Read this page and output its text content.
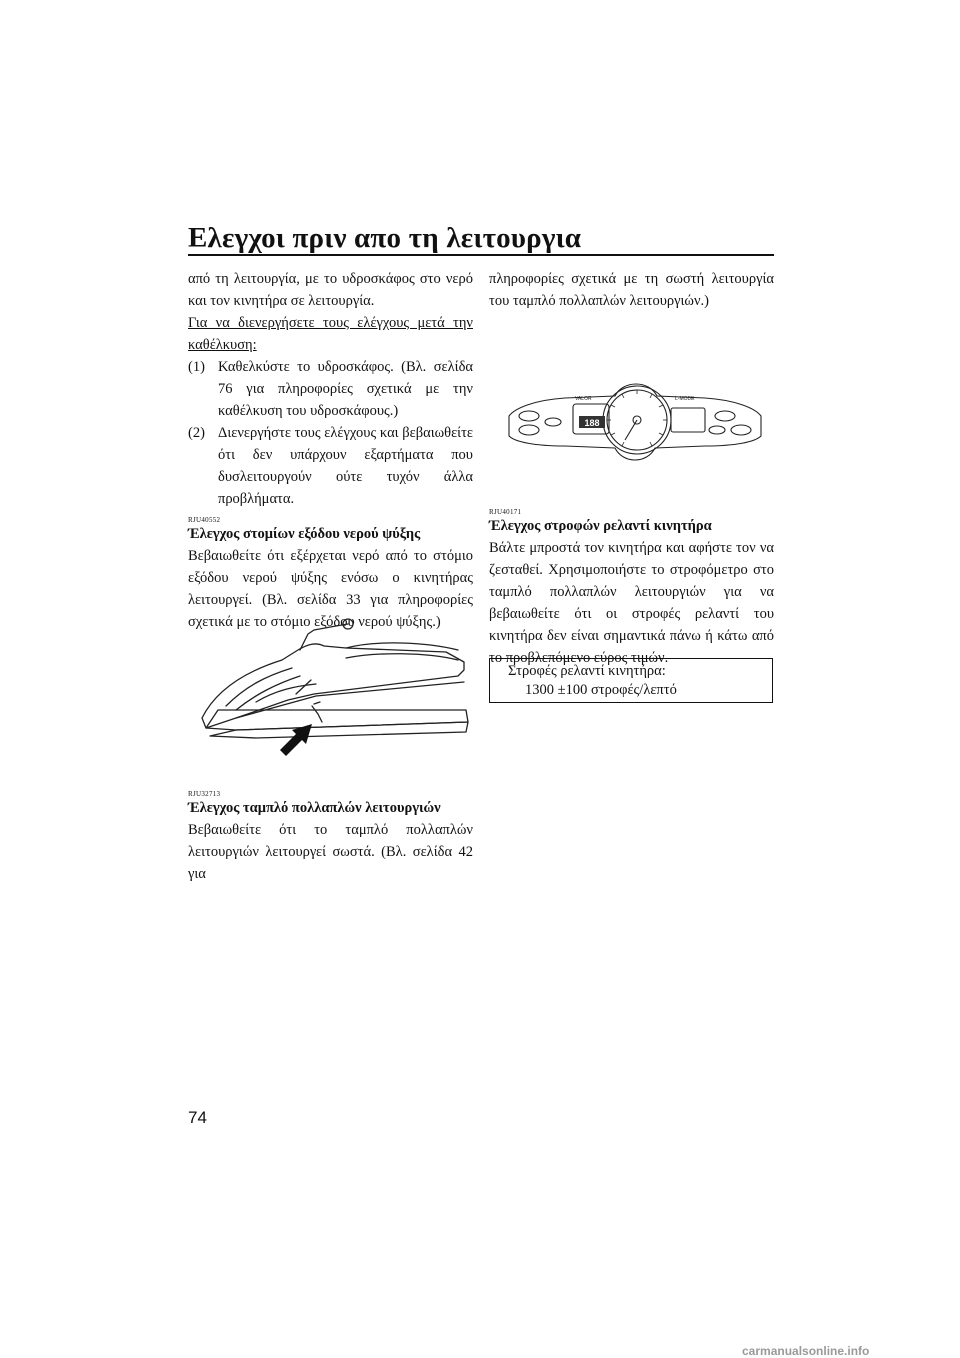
Ελεγχοι πριν απο τη λειτουργια

από τη λειτουργία, με το υδροσκάφος στο νερό και τον κινητήρα σε λειτουργία.

Για να διενεργήσετε τους ελέγχους μετά την καθέλκυση:

(1) Καθελκύστε το υδροσκάφος. (Βλ. σελίδα 76 για πληροφορίες σχετικά με την καθέλκυση του υδροσκάφους.)
(2) Διενεργήστε τους ελέγχους και βεβαιωθείτε ότι δεν υπάρχουν εξαρτήματα που δυσλειτουργούν ούτε τυχόν άλλα προβλήματα.
RJU40552
Έλεγχος στομίων εξόδου νερού ψύξης

Βεβαιωθείτε ότι εξέρχεται νερό από το στόμιο εξόδου νερού ψύξης ενόσω ο κινητήρας λειτουργεί. (Βλ. σελίδα 33 για πληροφορίες σχετικά με το στόμιο εξόδου νερού ψύξης.)

RJU32713
Έλεγχος ταμπλό πολλαπλών λειτουργιών

Βεβαιωθείτε ότι το ταμπλό πολλαπλών λειτουργιών λειτουργεί σωστά. (Βλ. σελίδα 42 για

πληροφορίες σχετικά με τη σωστή λειτουργία του ταμπλό πολλαπλών λειτουργιών.)

188
VALOR	L-MODE
RJU40171
Έλεγχος στροφών ρελαντί κινητήρα

Βάλτε μπροστά τον κινητήρα και αφήστε τον να ζεσταθεί. Χρησιμοποιήστε το στροφόμετρο στο ταμπλό πολλαπλών λειτουργιών για να βεβαιωθείτε ότι οι στροφές ρελαντί του κινητήρα δεν είναι σημαντικά πάνω ή κάτω από το προβλεπόμενο εύρος τιμών.

Στροφές ρελαντί κινητήρα:
1300 ±100 στροφές/λεπτό
74
carmanualsonline.info
